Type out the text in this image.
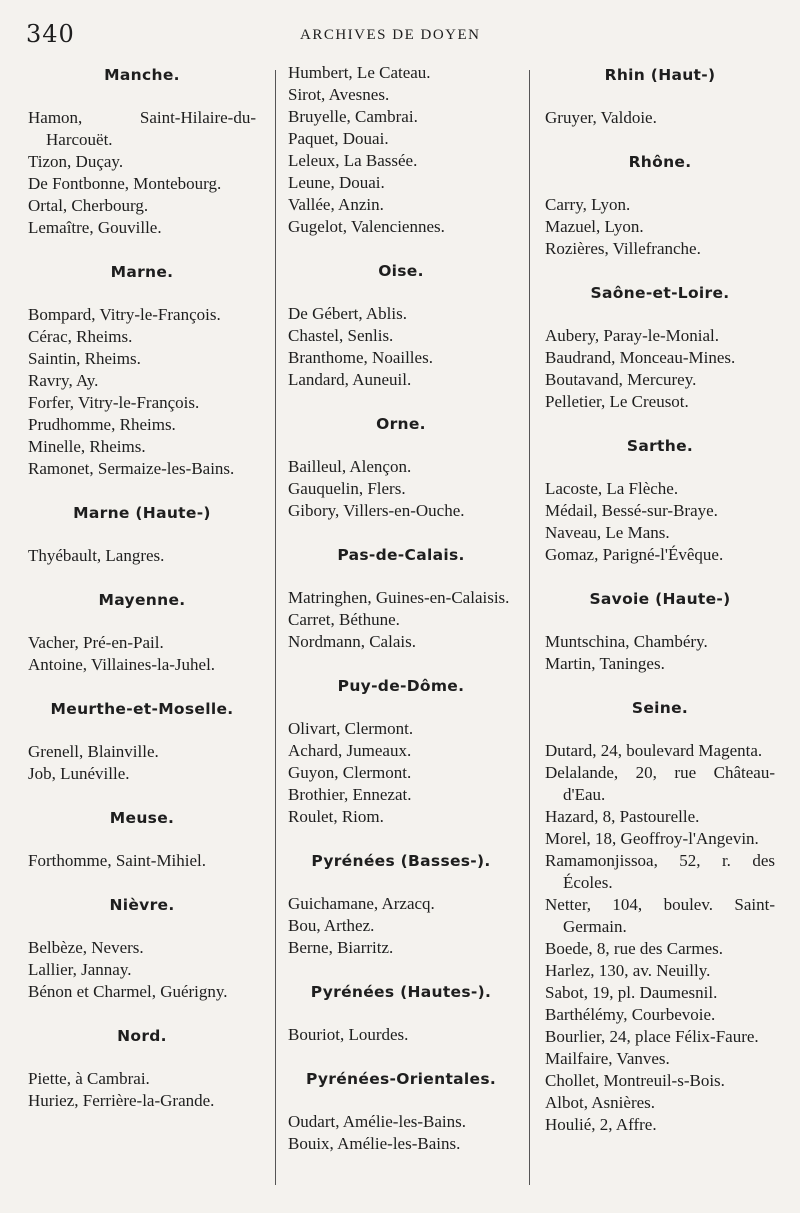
340	ARCHIVES DE DOYEN
Manche.
Hamon, Saint-Hilaire-du-Harcouët.
Tizon, Duçay.
De Fontbonne, Montebourg.
Ortal, Cherbourg.
Lemaître, Gouville.
Marne.
Bompard, Vitry-le-François.
Cérac, Rheims.
Saintin, Rheims.
Ravry, Ay.
Forfer, Vitry-le-François.
Prudhomme, Rheims.
Minelle, Rheims.
Ramonet, Sermaize-les-Bains.
Marne (Haute-)
Thyébault, Langres.
Mayenne.
Vacher, Pré-en-Pail.
Antoine, Villaines-la-Juhel.
Meurthe-et-Moselle.
Grenell, Blainville.
Job, Lunéville.
Meuse.
Forthomme, Saint-Mihiel.
Nièvre.
Belbèze, Nevers.
Lallier, Jannay.
Bénon et Charmel, Guérigny.
Nord.
Piette, à Cambrai.
Huriez, Ferrière-la-Grande.
Humbert, Le Cateau.
Sirot, Avesnes.
Bruyelle, Cambrai.
Paquet, Douai.
Leleux, La Bassée.
Leune, Douai.
Vallée, Anzin.
Gugelot, Valenciennes.
Oise.
De Gébert, Ablis.
Chastel, Senlis.
Branthome, Noailles.
Landard, Auneuil.
Orne.
Bailleul, Alençon.
Gauquelin, Flers.
Gibory, Villers-en-Ouche.
Pas-de-Calais.
Matringhen, Guines-en-Calaisis.
Carret, Béthune.
Nordmann, Calais.
Puy-de-Dôme.
Olivart, Clermont.
Achard, Jumeaux.
Guyon, Clermont.
Brothier, Ennezat.
Roulet, Riom.
Pyrénées (Basses-).
Guichamane, Arzacq.
Bou, Arthez.
Berne, Biarritz.
Pyrénées (Hautes-).
Bouriot, Lourdes.
Pyrénées-Orientales.
Oudart, Amélie-les-Bains.
Bouix, Amélie-les-Bains.
Rhin (Haut-)
Gruyer, Valdoie.
Rhône.
Carry, Lyon.
Mazuel, Lyon.
Rozières, Villefranche.
Saône-et-Loire.
Aubery, Paray-le-Monial.
Baudrand, Monceau-Mines.
Boutavand, Mercurey.
Pelletier, Le Creusot.
Sarthe.
Lacoste, La Flèche.
Médail, Bessé-sur-Braye.
Naveau, Le Mans.
Gomaz, Parigné-l'Évêque.
Savoie (Haute-)
Muntschina, Chambéry.
Martin, Taninges.
Seine.
Dutard, 24, boulevard Magenta.
Delalande, 20, rue Château-d'Eau.
Hazard, 8, Pastourelle.
Morel, 18, Geoffroy-l'Angevin.
Ramamonjissoa, 52, r. des Écoles.
Netter, 104, boulev. Saint-Germain.
Boede, 8, rue des Carmes.
Harlez, 130, av. Neuilly.
Sabot, 19, pl. Daumesnil.
Barthélémy, Courbevoie.
Bourlier, 24, place Félix-Faure.
Mailfaire, Vanves.
Chollet, Montreuil-s-Bois.
Albot, Asnières.
Houlié, 2, Affre.
